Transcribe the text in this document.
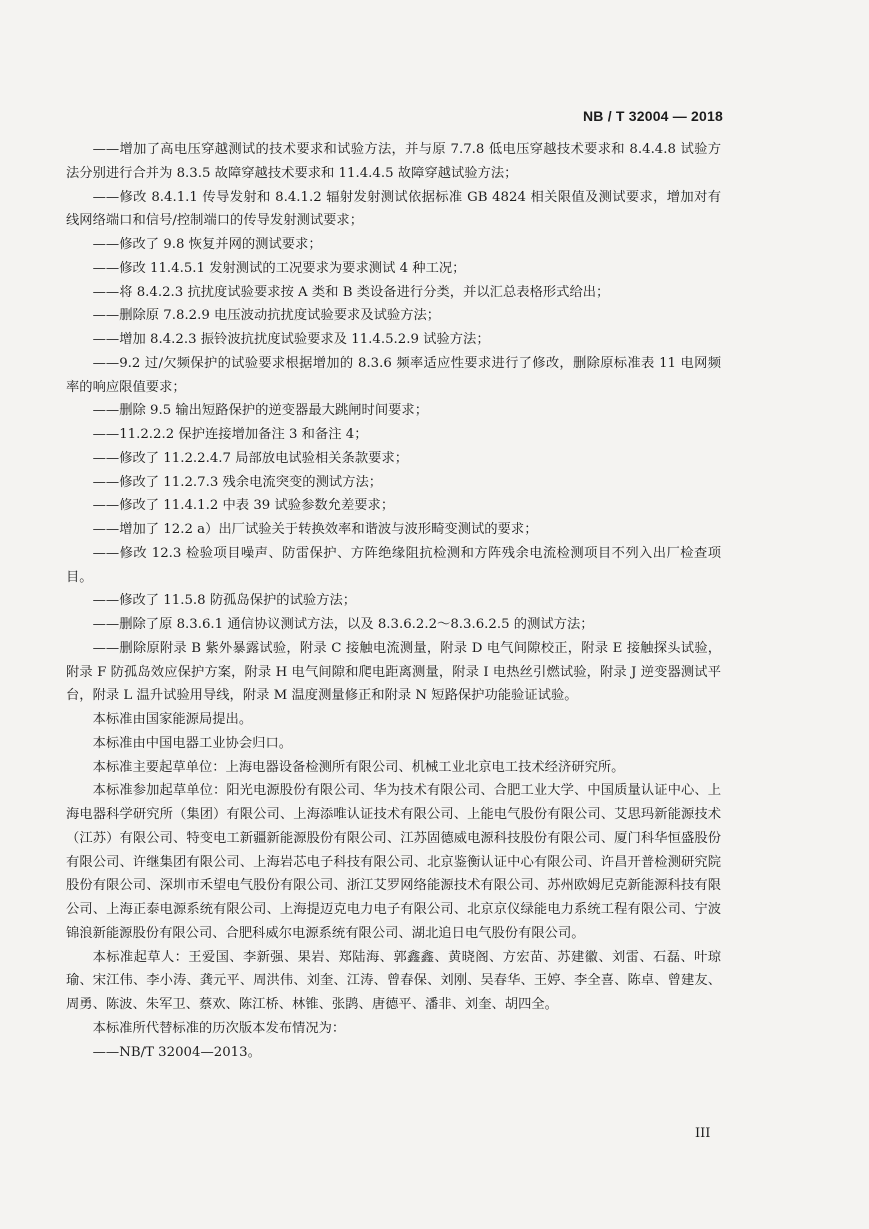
NB / T 32004 — 2018

——增加了高电压穿越测试的技术要求和试验方法，并与原 7.7.8 低电压穿越技术要求和 8.4.4.8 试验方法分别进行合并为 8.3.5 故障穿越技术要求和 11.4.4.5 故障穿越试验方法；

——修改 8.4.1.1 传导发射和 8.4.1.2 辐射发射测试依据标准 GB 4824 相关限值及测试要求，增加对有线网络端口和信号/控制端口的传导发射测试要求；

——修改了 9.8 恢复并网的测试要求；

——修改 11.4.5.1 发射测试的工况要求为要求测试 4 种工况；

——将 8.4.2.3 抗扰度试验要求按 A 类和 B 类设备进行分类，并以汇总表格形式给出；

——删除原 7.8.2.9 电压波动抗扰度试验要求及试验方法；

——增加 8.4.2.3 振铃波抗扰度试验要求及 11.4.5.2.9 试验方法；

——9.2 过/欠频保护的试验要求根据增加的 8.3.6 频率适应性要求进行了修改，删除原标准表 11 电网频率的响应限值要求；

——删除 9.5 输出短路保护的逆变器最大跳闸时间要求；

——11.2.2.2 保护连接增加备注 3 和备注 4；

——修改了 11.2.2.4.7 局部放电试验相关条款要求；

——修改了 11.2.7.3 残余电流突变的测试方法；

——修改了 11.4.1.2 中表 39 试验参数允差要求；

——增加了 12.2 a）出厂试验关于转换效率和谐波与波形畸变测试的要求；

——修改 12.3 检验项目噪声、防雷保护、方阵绝缘阻抗检测和方阵残余电流检测项目不列入出厂检查项目。

——修改了 11.5.8 防孤岛保护的试验方法；

——删除了原 8.3.6.1 通信协议测试方法，以及 8.3.6.2.2～8.3.6.2.5 的测试方法；

——删除原附录 B 紫外暴露试验，附录 C 接触电流测量，附录 D 电气间隙校正，附录 E 接触探头试验，附录 F 防孤岛效应保护方案，附录 H 电气间隙和爬电距离测量，附录 I 电热丝引燃试验，附录 J 逆变器测试平台，附录 L 温升试验用导线，附录 M 温度测量修正和附录 N 短路保护功能验证试验。

本标准由国家能源局提出。

本标准由中国电器工业协会归口。

本标准主要起草单位：上海电器设备检测所有限公司、机械工业北京电工技术经济研究所。

本标准参加起草单位：阳光电源股份有限公司、华为技术有限公司、合肥工业大学、中国质量认证中心、上海电器科学研究所（集团）有限公司、上海添唯认证技术有限公司、上能电气股份有限公司、艾思玛新能源技术（江苏）有限公司、特变电工新疆新能源股份有限公司、江苏固德威电源科技股份有限公司、厦门科华恒盛股份有限公司、许继集团有限公司、上海岩芯电子科技有限公司、北京鉴衡认证中心有限公司、许昌开普检测研究院股份有限公司、深圳市禾望电气股份有限公司、浙江艾罗网络能源技术有限公司、苏州欧姆尼克新能源科技有限公司、上海正泰电源系统有限公司、上海提迈克电力电子有限公司、北京京仪绿能电力系统工程有限公司、宁波锦浪新能源股份有限公司、合肥科威尔电源系统有限公司、湖北追日电气股份有限公司。

本标准起草人：王爱国、李新强、果岩、郑陆海、郭鑫鑫、黄晓阁、方宏苗、苏建徽、刘雷、石磊、叶琼瑜、宋江伟、李小涛、龚元平、周洪伟、刘奎、江涛、曾春保、刘刚、吴春华、王婷、李全喜、陈卓、曾建友、周勇、陈波、朱军卫、蔡欢、陈江桥、林锥、张鹍、唐德平、潘非、刘奎、胡四全。

本标准所代替标准的历次版本发布情况为：

——NB/T 32004—2013。

III
